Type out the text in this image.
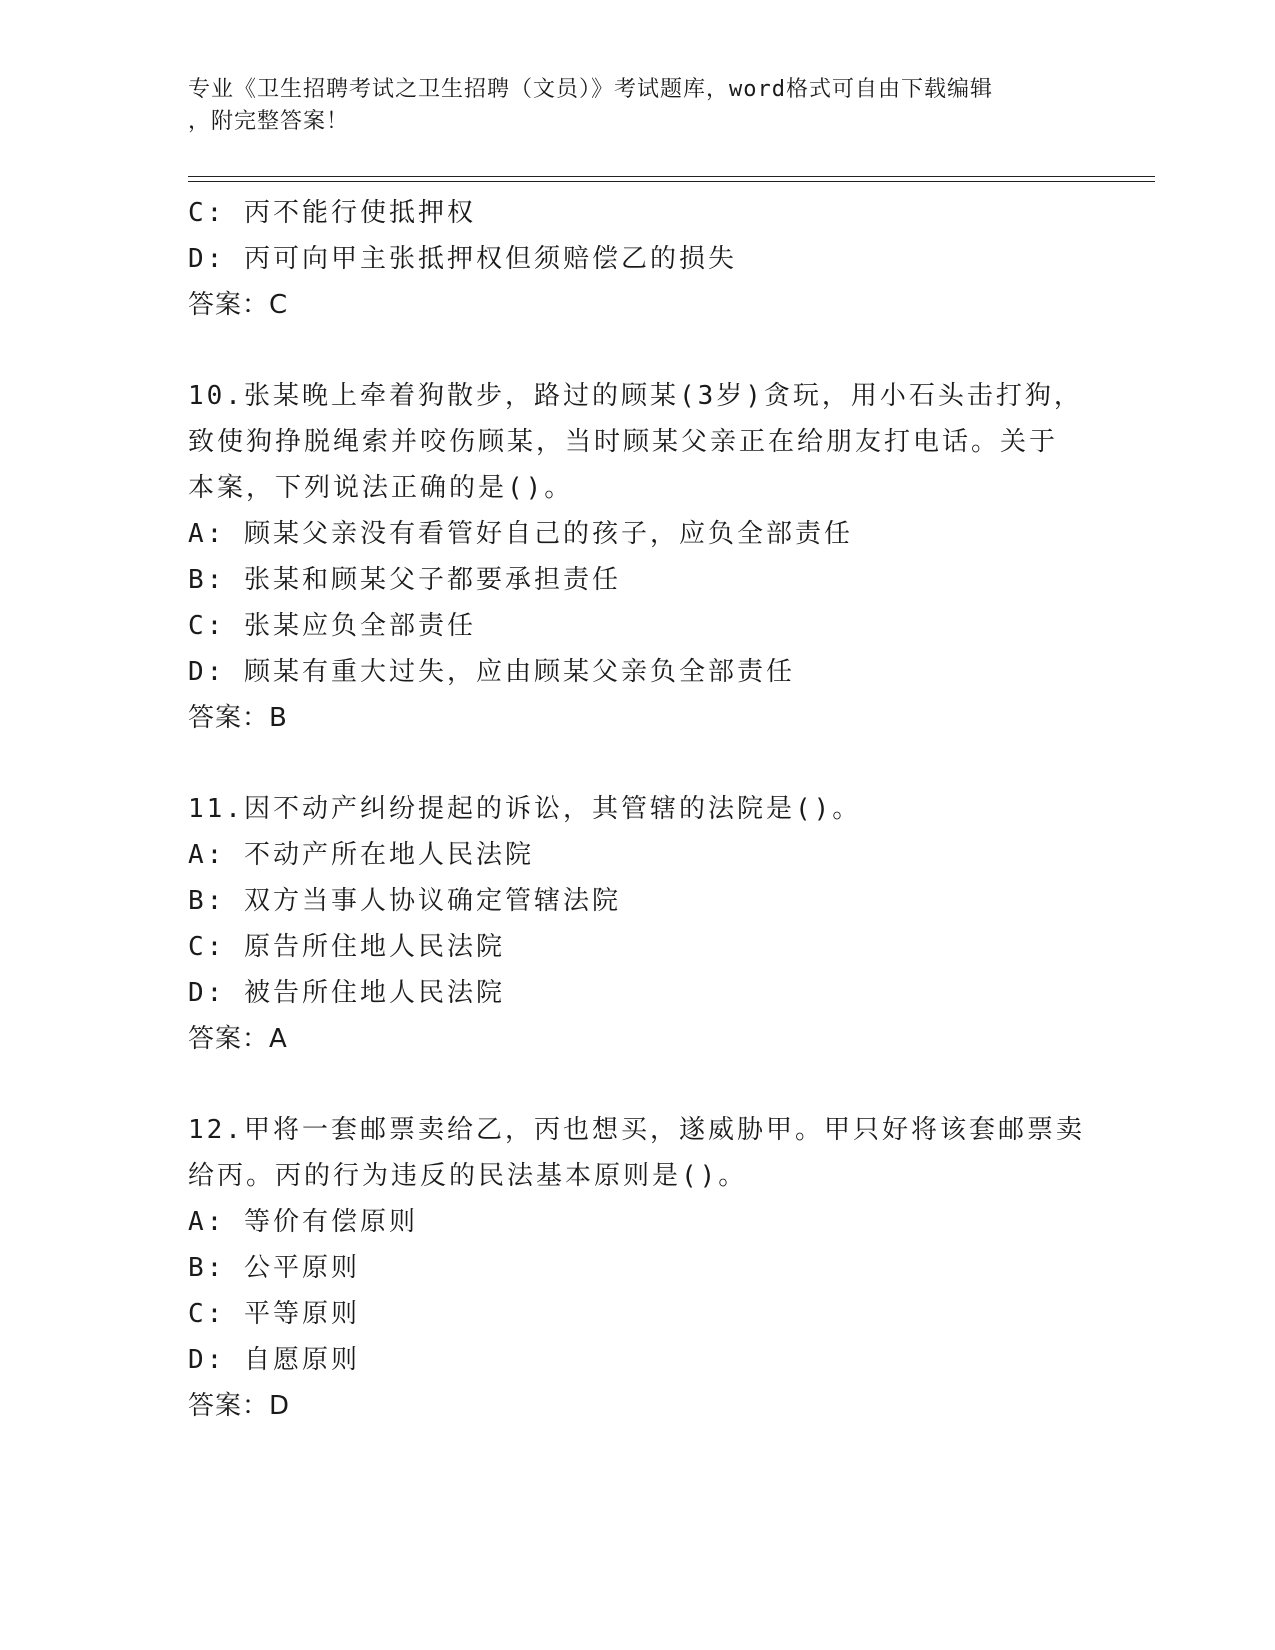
专业《卫生招聘考试之卫生招聘（文员）》考试题库，word格式可自由下载编辑
，附完整答案！
C: 丙不能行使抵押权
D: 丙可向甲主张抵押权但须赔偿乙的损失
答案：C
10.张某晚上牵着狗散步，路过的顾某(3岁)贪玩，用小石头击打狗，
致使狗挣脱绳索并咬伤顾某，当时顾某父亲正在给朋友打电话。关于
本案，下列说法正确的是()。
A: 顾某父亲没有看管好自己的孩子，应负全部责任
B: 张某和顾某父子都要承担责任
C: 张某应负全部责任
D: 顾某有重大过失，应由顾某父亲负全部责任
答案：B
11.因不动产纠纷提起的诉讼，其管辖的法院是()。
A: 不动产所在地人民法院
B: 双方当事人协议确定管辖法院
C: 原告所住地人民法院
D: 被告所住地人民法院
答案：A
12.甲将一套邮票卖给乙，丙也想买，遂威胁甲。甲只好将该套邮票卖
给丙。丙的行为违反的民法基本原则是()。
A: 等价有偿原则
B: 公平原则
C: 平等原则
D: 自愿原则
答案：D
